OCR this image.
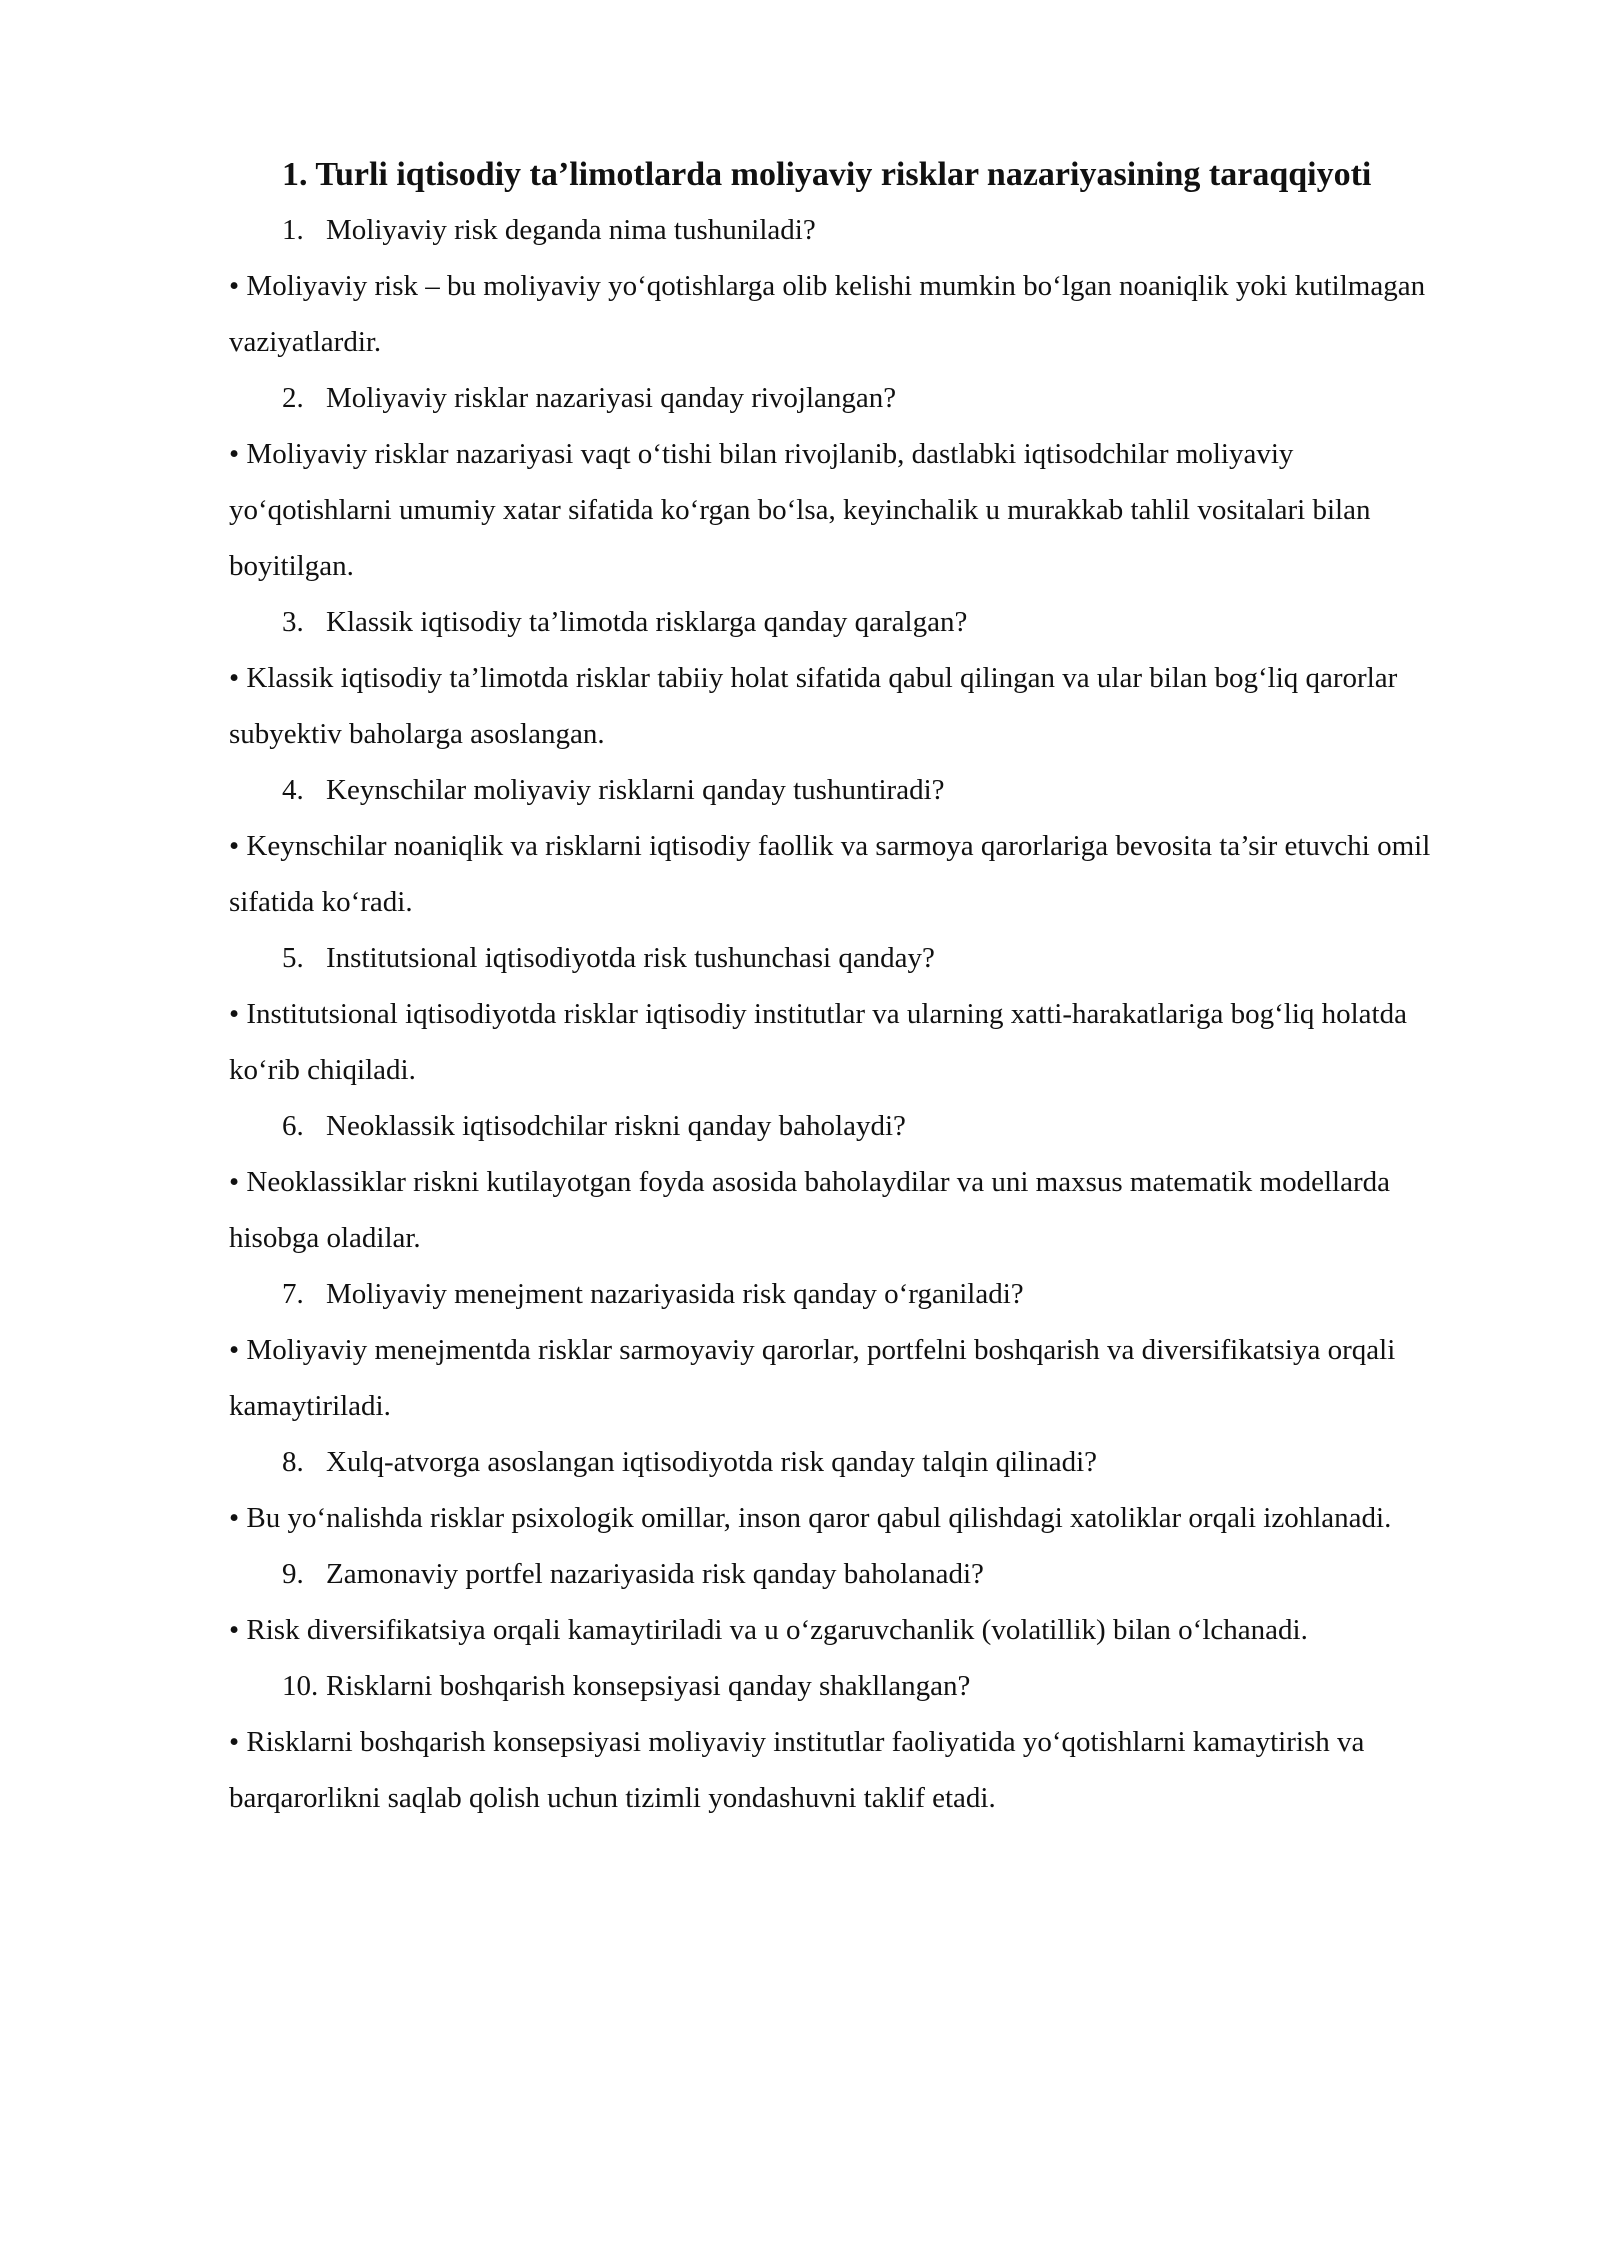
1. Turli iqtisodiy ta’limotlarda moliyaviy risklar nazariyasining taraqqiyoti
1. Moliyaviy risk deganda nima tushuniladi?

• Moliyaviy risk – bu moliyaviy yo‘qotishlarga olib kelishi mumkin bo‘lgan noaniqlik yoki kutilmagan vaziyatlardir.

2. Moliyaviy risklar nazariyasi qanday rivojlangan?

• Moliyaviy risklar nazariyasi vaqt o‘tishi bilan rivojlanib, dastlabki iqtisodchilar moliyaviy yo‘qotishlarni umumiy xatar sifatida ko‘rgan bo‘lsa, keyinchalik u murakkab tahlil vositalari bilan boyitilgan.

3. Klassik iqtisodiy ta’limotda risklarga qanday qaralgan?

• Klassik iqtisodiy ta’limotda risklar tabiiy holat sifatida qabul qilingan va ular bilan bog‘liq qarorlar subyektiv baholarga asoslangan.

4. Keynschilar moliyaviy risklarni qanday tushuntiradi?

• Keynschilar noaniqlik va risklarni iqtisodiy faollik va sarmoya qarorlariga bevosita ta’sir etuvchi omil sifatida ko‘radi.

5. Institutsional iqtisodiyotda risk tushunchasi qanday?

• Institutsional iqtisodiyotda risklar iqtisodiy institutlar va ularning xatti-harakatlariga bog‘liq holatda ko‘rib chiqiladi.

6. Neoklassik iqtisodchilar riskni qanday baholaydi?

• Neoklassiklar riskni kutilayotgan foyda asosida baholaydilar va uni maxsus matematik modellarda hisobga oladilar.

7. Moliyaviy menejment nazariyasida risk qanday o‘rganiladi?

• Moliyaviy menejmentda risklar sarmoyaviy qarorlar, portfelni boshqarish va diversifikatsiya orqali kamaytiriladi.

8. Xulq-atvorga asoslangan iqtisodiyotda risk qanday talqin qilinadi?

• Bu yo‘nalishda risklar psixologik omillar, inson qaror qabul qilishdagi xatoliklar orqali izohlanadi.

9. Zamonaviy portfel nazariyasida risk qanday baholanadi?

• Risk diversifikatsiya orqali kamaytiriladi va u o‘zgaruvchanlik (volatillik) bilan o‘lchanadi.

10. Risklarni boshqarish konsepsiyasi qanday shakllangan?

• Risklarni boshqarish konsepsiyasi moliyaviy institutlar faoliyatida yo‘qotishlarni kamaytirish va barqarorlikni saqlab qolish uchun tizimli yondashuvni taklif etadi.
